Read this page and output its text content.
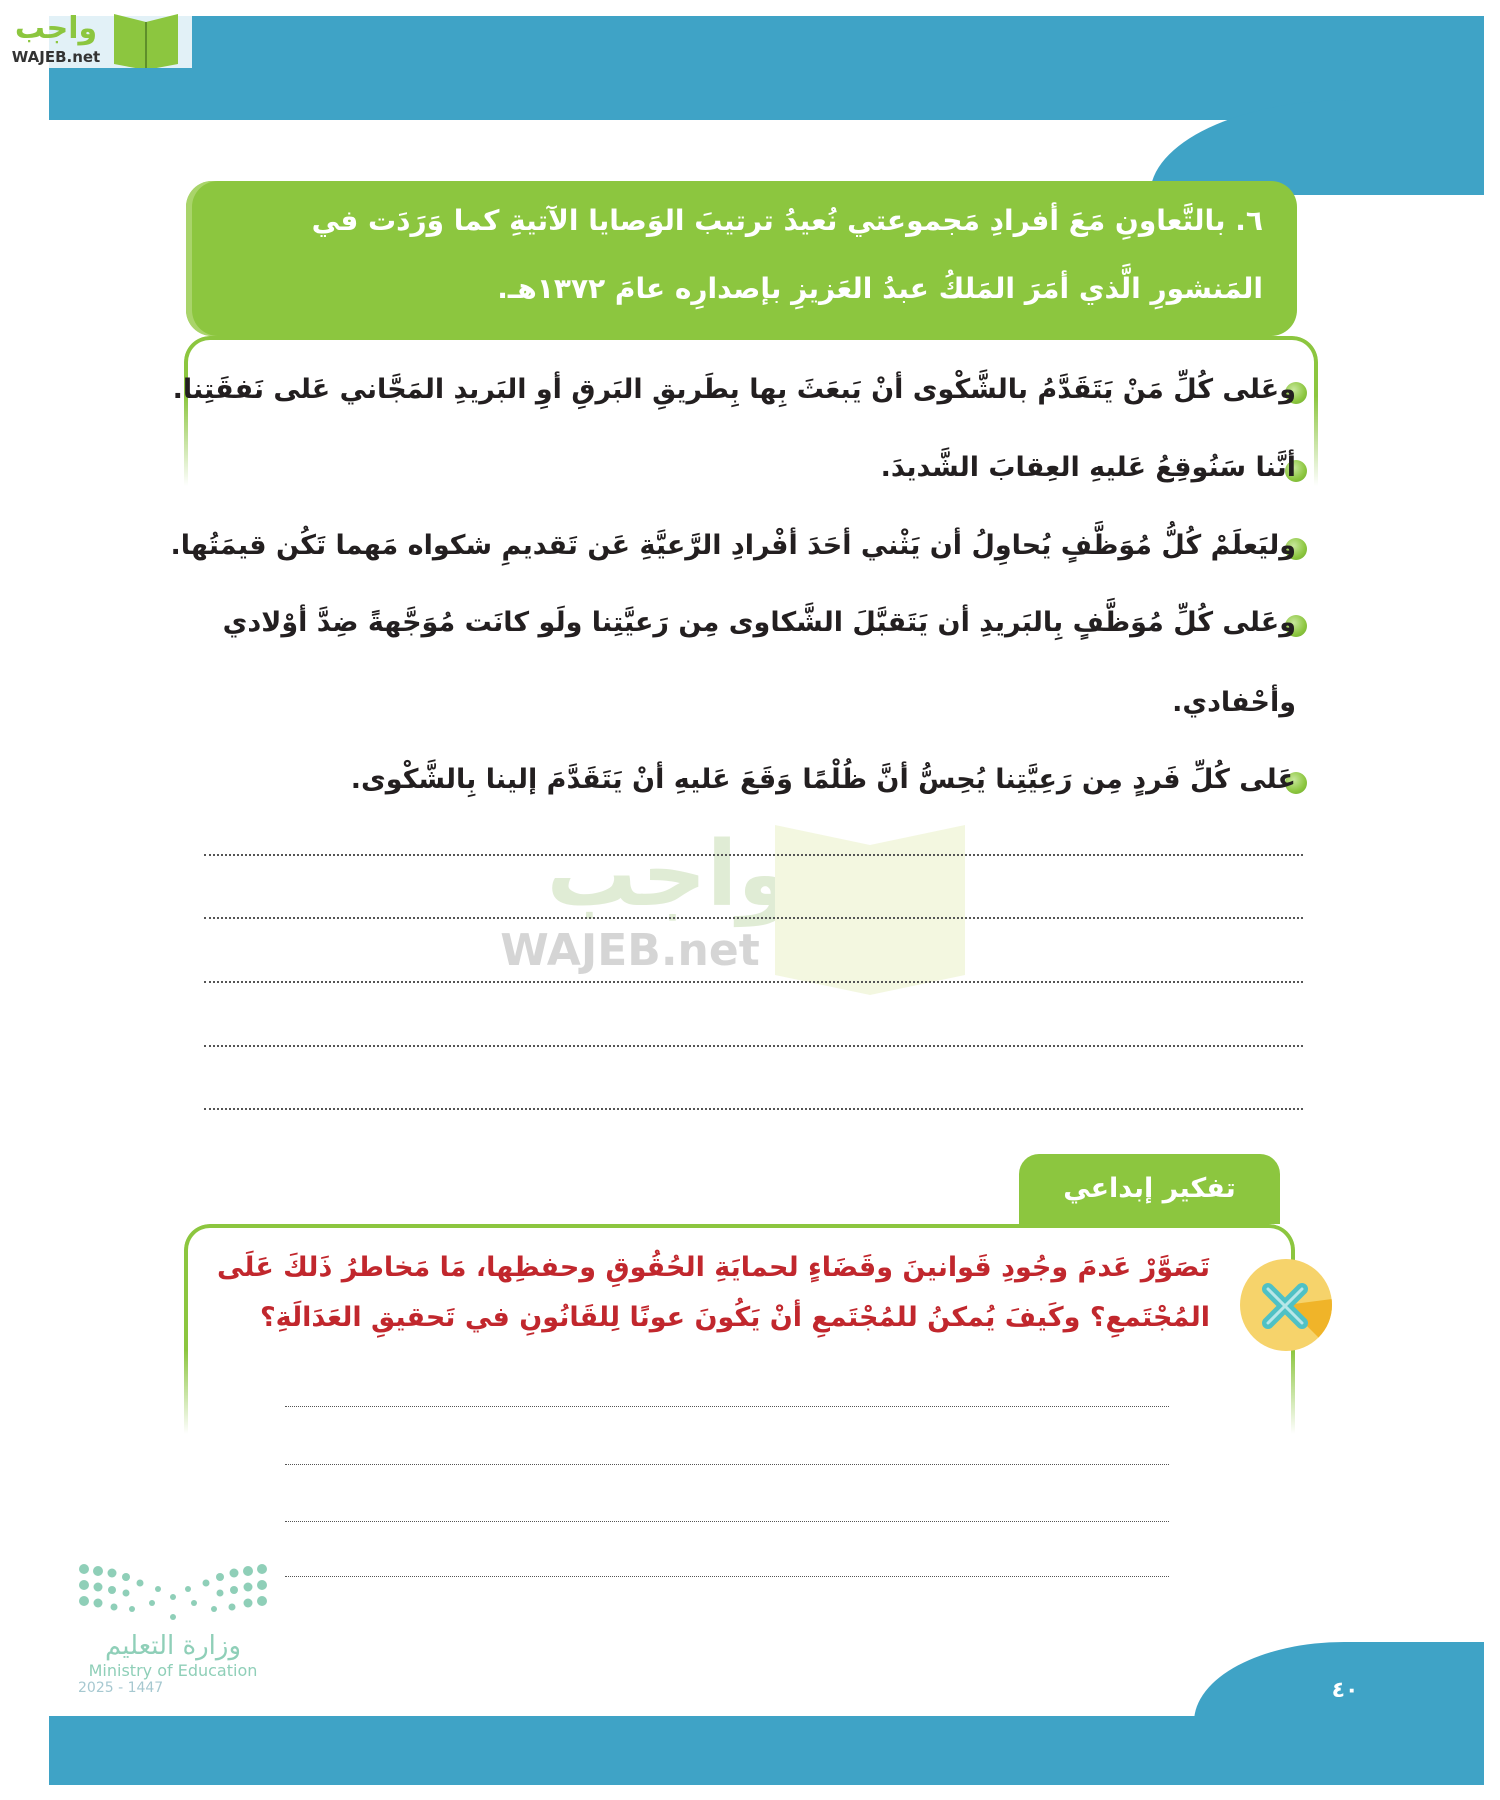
واجب
WAJEB.net
٦. بالتَّعاونِ مَعَ أفرادِ مَجموعتي نُعيدُ ترتيبَ الوَصايا الآتيةِ كما وَرَدَت في المَنشورِ الَّذي أمَرَ المَلكُ عبدُ العَزيزِ بإصدارِه عامَ ١٣٧٢هـ.
وعَلى كُلِّ مَنْ يَتَقَدَّمُ بالشَّكْوى أنْ يَبعَثَ بِها بِطَريقِ البَرقِ أوِ البَريدِ المَجَّاني عَلى نَفقَتِنا.
أنَّنا سَنُوقِعُ عَليهِ العِقابَ الشَّديدَ.
وليَعلَمْ كُلُّ مُوَظَّفٍ يُحاوِلُ أن يَثْني أحَدَ أفْرادِ الرَّعيَّةِ عَن تَقديمِ شكواه مَهما تَكُن قيمَتُها.
وعَلى كُلِّ مُوَظَّفٍ بِالبَريدِ أن يَتَقبَّلَ الشَّكاوى مِن رَعيَّتِنا ولَو كانَت مُوَجَّهةً ضِدَّ أوْلادي
وأحْفادي.
عَلى كُلِّ فَردٍ مِن رَعِيَّتِنا يُحِسُّ أنَّ ظُلْمًا وَقَعَ عَليهِ أنْ يَتَقَدَّمَ إلينا بِالشَّكْوى.
واجب
WAJEB.net
تفكير إبداعي
تَصَوَّرْ عَدمَ وجُودِ قَوانينَ وقَضَاءٍ لحمايَةِ الحُقُوقِ وحفظِها، مَا مَخاطرُ ذَلكَ عَلَى
المُجْتَمعِ؟ وكَيفَ يُمكنُ للمُجْتَمعِ أنْ يَكُونَ عونًا لِلقَانُونِ في تَحقيقِ العَدَالَةِ؟
وزارة التعليم
Ministry of Education
2025 - 1447	٤٠
